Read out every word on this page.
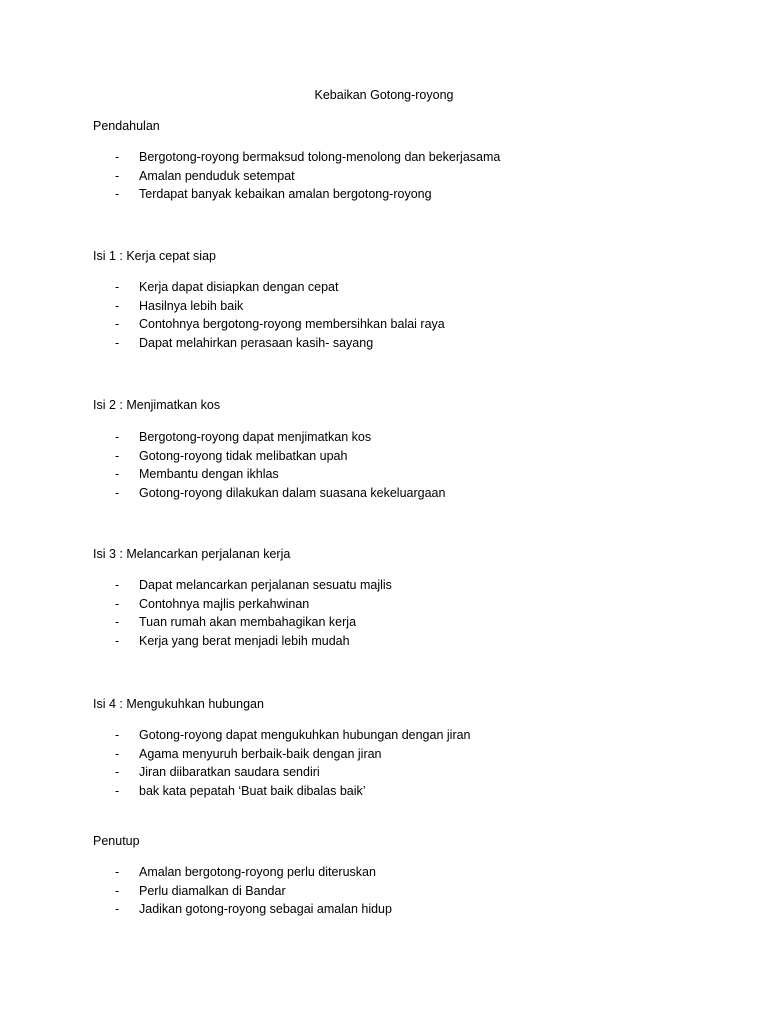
Kebaikan Gotong-royong
Pendahulan
- Bergotong-royong bermaksud tolong-menolong dan bekerjasama
- Amalan penduduk setempat
- Terdapat banyak kebaikan amalan bergotong-royong
Isi 1 : Kerja cepat siap
- Kerja dapat disiapkan dengan cepat
- Hasilnya lebih baik
- Contohnya bergotong-royong membersihkan balai raya
- Dapat melahirkan perasaan kasih- sayang
Isi 2 : Menjimatkan kos
- Bergotong-royong dapat menjimatkan kos
- Gotong-royong tidak melibatkan upah
- Membantu dengan ikhlas
- Gotong-royong dilakukan dalam suasana kekeluargaan
Isi 3 : Melancarkan perjalanan kerja
- Dapat melancarkan perjalanan sesuatu majlis
- Contohnya majlis perkahwinan
- Tuan rumah akan membahagikan kerja
- Kerja yang berat menjadi lebih mudah
Isi 4 : Mengukuhkan hubungan
- Gotong-royong dapat mengukuhkan hubungan dengan jiran
- Agama menyuruh berbaik-baik dengan jiran
- Jiran diibaratkan saudara sendiri
- bak kata pepatah ‘Buat baik dibalas baik’
Penutup
- Amalan bergotong-royong perlu diteruskan
- Perlu diamalkan di Bandar
- Jadikan gotong-royong sebagai amalan hidup
